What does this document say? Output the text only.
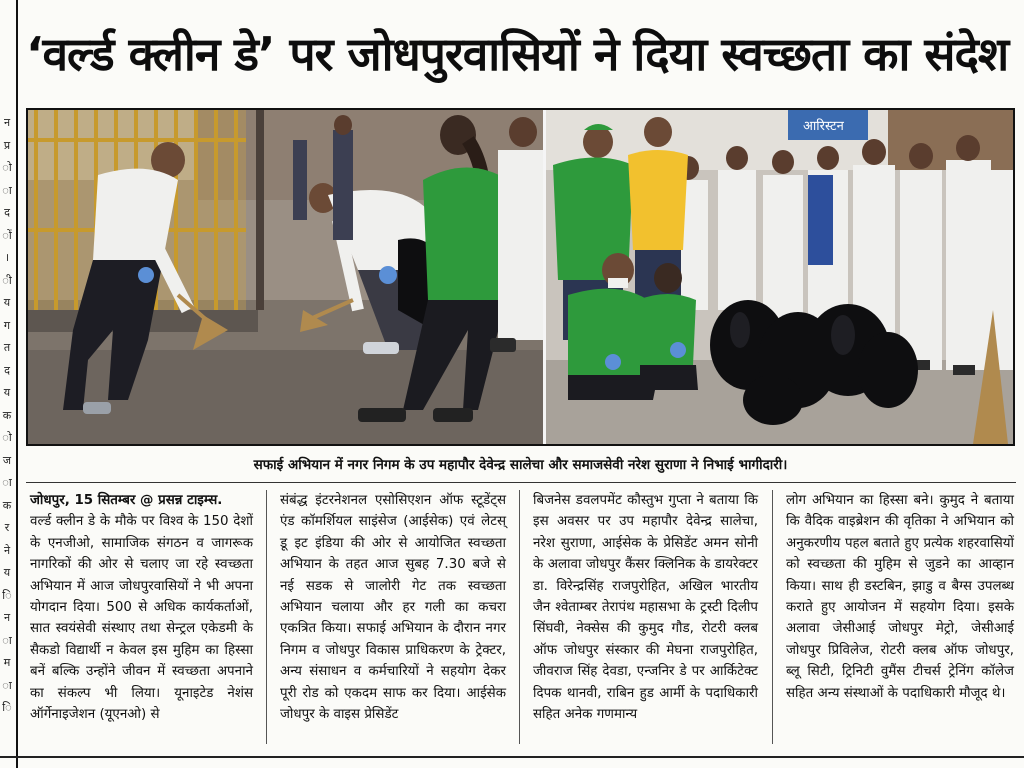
न
प्र
ो
ा
द
ों
।
ी
य
ग
त
द
य
क
ो
ज
ा
क
र
ने
य
ि
न
ा
म
ा
ि
‘वर्ल्ड क्लीन डे’ पर जोधपुरवासियों ने दिया स्वच्छता का संदेश
आरिस्टन

सफाई अभियान में नगर निगम के उप महापौर देवेन्द्र सालेचा और समाजसेवी नरेश सुराणा ने निभाई भागीदारी।

जोधपुर, 15 सितम्बर @ प्रसन्न टाइम्स.

वर्ल्ड क्लीन डे के मौके पर विश्व के 150 देशों के एनजीओ, सामाजिक संगठन व जागरूक नागरिकों की ओर से चलाए जा रहे स्वच्छता अभियान में आज जोधपुरवासियों ने भी अपना योगदान दिया। 500 से अधिक कार्यकर्ताओं, सात स्वयंसेवी संस्थाए तथा सेन्ट्रल एकेडमी के सैकडो विद्यार्थी न केवल इस मुहिम का हिस्सा बनें बल्कि उन्होंने जीवन में स्वच्छता अपनाने का संकल्प भी लिया। यूनाइटेड नेशंस ऑर्गेनाइजेशन (यूएनओ) से

संबंद्ध इंटरनेशनल एसोसिएशन ऑफ स्टूडेंट्स एंड कॉमर्शियल साइंसेज (आईसेक) एवं लेटस् डू इट इंडिया की ओर से आयोजित स्वच्छता अभियान के तहत आज सुबह 7.30 बजे से नई सडक से जालोरी गेट तक स्वच्छता अभियान चलाया और हर गली का कचरा एकत्रित किया। सफाई अभियान के दौरान नगर निगम व जोधपुर विकास प्राधिकरण के ट्रेक्टर, अन्य संसाधन व कर्मचारियों ने सहयोग देकर पूरी रोड को एकदम साफ कर दिया। आईसेक जोधपुर के वाइस प्रेसिडेंट

बिजनेस डवलपमेंट कौस्तुभ गुप्ता ने बताया कि इस अवसर पर उप महापौर देवेन्द्र सालेचा, नरेश सुराणा, आईसेक के प्रेसिडेंट अमन सोनी के अलावा जोधपुर कैंसर क्लिनिक के डायरेक्टर डा. विरेन्द्रसिंह राजपुरोहित, अखिल भारतीय जैन श्वेताम्बर तेरापंथ महासभा के ट्रस्टी दिलीप सिंघवी, नेक्सेस की कुमुद गौड, रोटरी क्लब ऑफ जोधपुर संस्कार की मेघना राजपुरोहित, जीवराज सिंह देवडा, एन्जनिर डे पर आर्किटेक्ट दिपक थानवी, राबिन हुड आर्मी के पदाधिकारी सहित अनेक गणमान्य

लोग अभियान का हिस्सा बने। कुमुद ने बताया कि वैदिक वाइब्रेशन की वृतिका ने अभियान को अनुकरणीय पहल बताते हुए प्रत्येक शहरवासियों को स्वच्छता की मुहिम से जुडने का आव्हान किया। साथ ही डस्टबिन, झाडु व बैग्स उपलब्ध कराते हुए आयोजन में सहयोग दिया। इसके अलावा जेसीआई जोधपुर मेट्रो, जेसीआई जोधपुर प्रिविलेज, रोटरी क्लब ऑफ जोधपुर, ब्लू सिटी, ट्रिनिटी वुमैंस टीचर्स ट्रेनिंग कॉलेज सहित अन्य संस्थाओं के पदाधिकारी मौजूद थे।
